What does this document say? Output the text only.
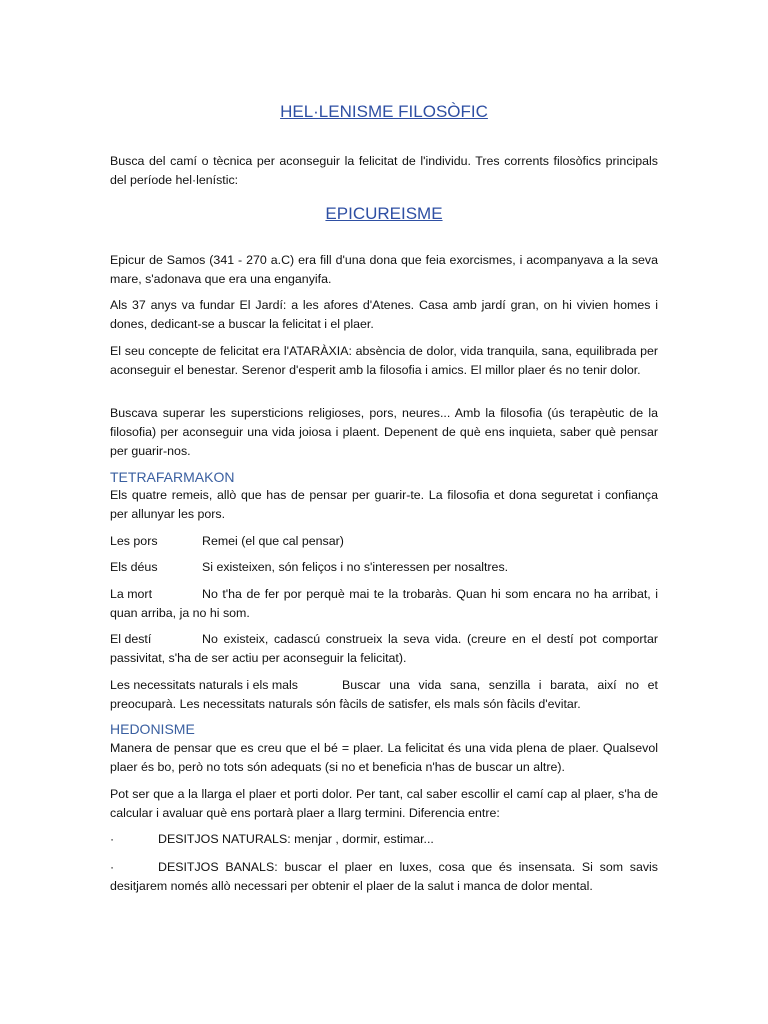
HEL·LENISME FILOSÒFIC

Busca del camí o tècnica per aconseguir la felicitat de l'individu. Tres corrents filosòfics principals del període hel·lenístic:

EPICUREISME

Epicur de Samos (341 - 270 a.C) era fill d'una dona que feia exorcismes, i acompanyava a la seva mare, s'adonava que era una enganyifa.

Als 37 anys va fundar El Jardí: a les afores d'Atenes. Casa amb jardí gran, on hi vivien homes i dones, dedicant-se a buscar la felicitat i el plaer.

El seu concepte de felicitat era l'ATARÀXIA: absència de dolor, vida tranquila, sana, equilibrada per aconseguir el benestar. Serenor d'esperit amb la filosofia i amics. El millor plaer és no tenir dolor.

Buscava superar les supersticions religioses, pors, neures... Amb la filosofia (ús terapèutic de la filosofia) per aconseguir una vida joiosa i plaent. Depenent de què ens inquieta, saber què pensar per guarir-nos.

TETRAFARMAKON

Els quatre remeis, allò que has de pensar per guarir-te. La filosofia et dona seguretat i confiança per allunyar les pors.

Les pors	Remei (el que cal pensar)
Els déus	Si existeixen, són feliços i no s'interessen per nosaltres.
La mort	No t'ha de fer por perquè mai te la trobaràs. Quan hi som encara no ha arribat, i quan arriba, ja no hi som.
El destí	No existeix, cadascú construeix la seva vida. (creure en el destí pot comportar passivitat, s'ha de ser actiu per aconseguir la felicitat).
Les necessitats naturals i els mals	Buscar una vida sana, senzilla i barata, així no et preocuparà. Les necessitats naturals són fàcils de satisfer, els mals són fàcils d'evitar.
HEDONISME

Manera de pensar que es creu que el bé = plaer. La felicitat és una vida plena de plaer. Qualsevol plaer és bo, però no tots són adequats (si no et beneficia n'has de buscar un altre).

Pot ser que a la llarga el plaer et porti dolor. Per tant, cal saber escollir el camí cap al plaer, s'ha de calcular i avaluar què ens portarà plaer a llarg termini. Diferencia entre:

·	DESITJOS NATURALS: menjar , dormir, estimar...
·	DESITJOS BANALS: buscar el plaer en luxes, cosa que és insensata. Si som savis desitjarem només allò necessari per obtenir el plaer de la salut i manca de dolor mental.
